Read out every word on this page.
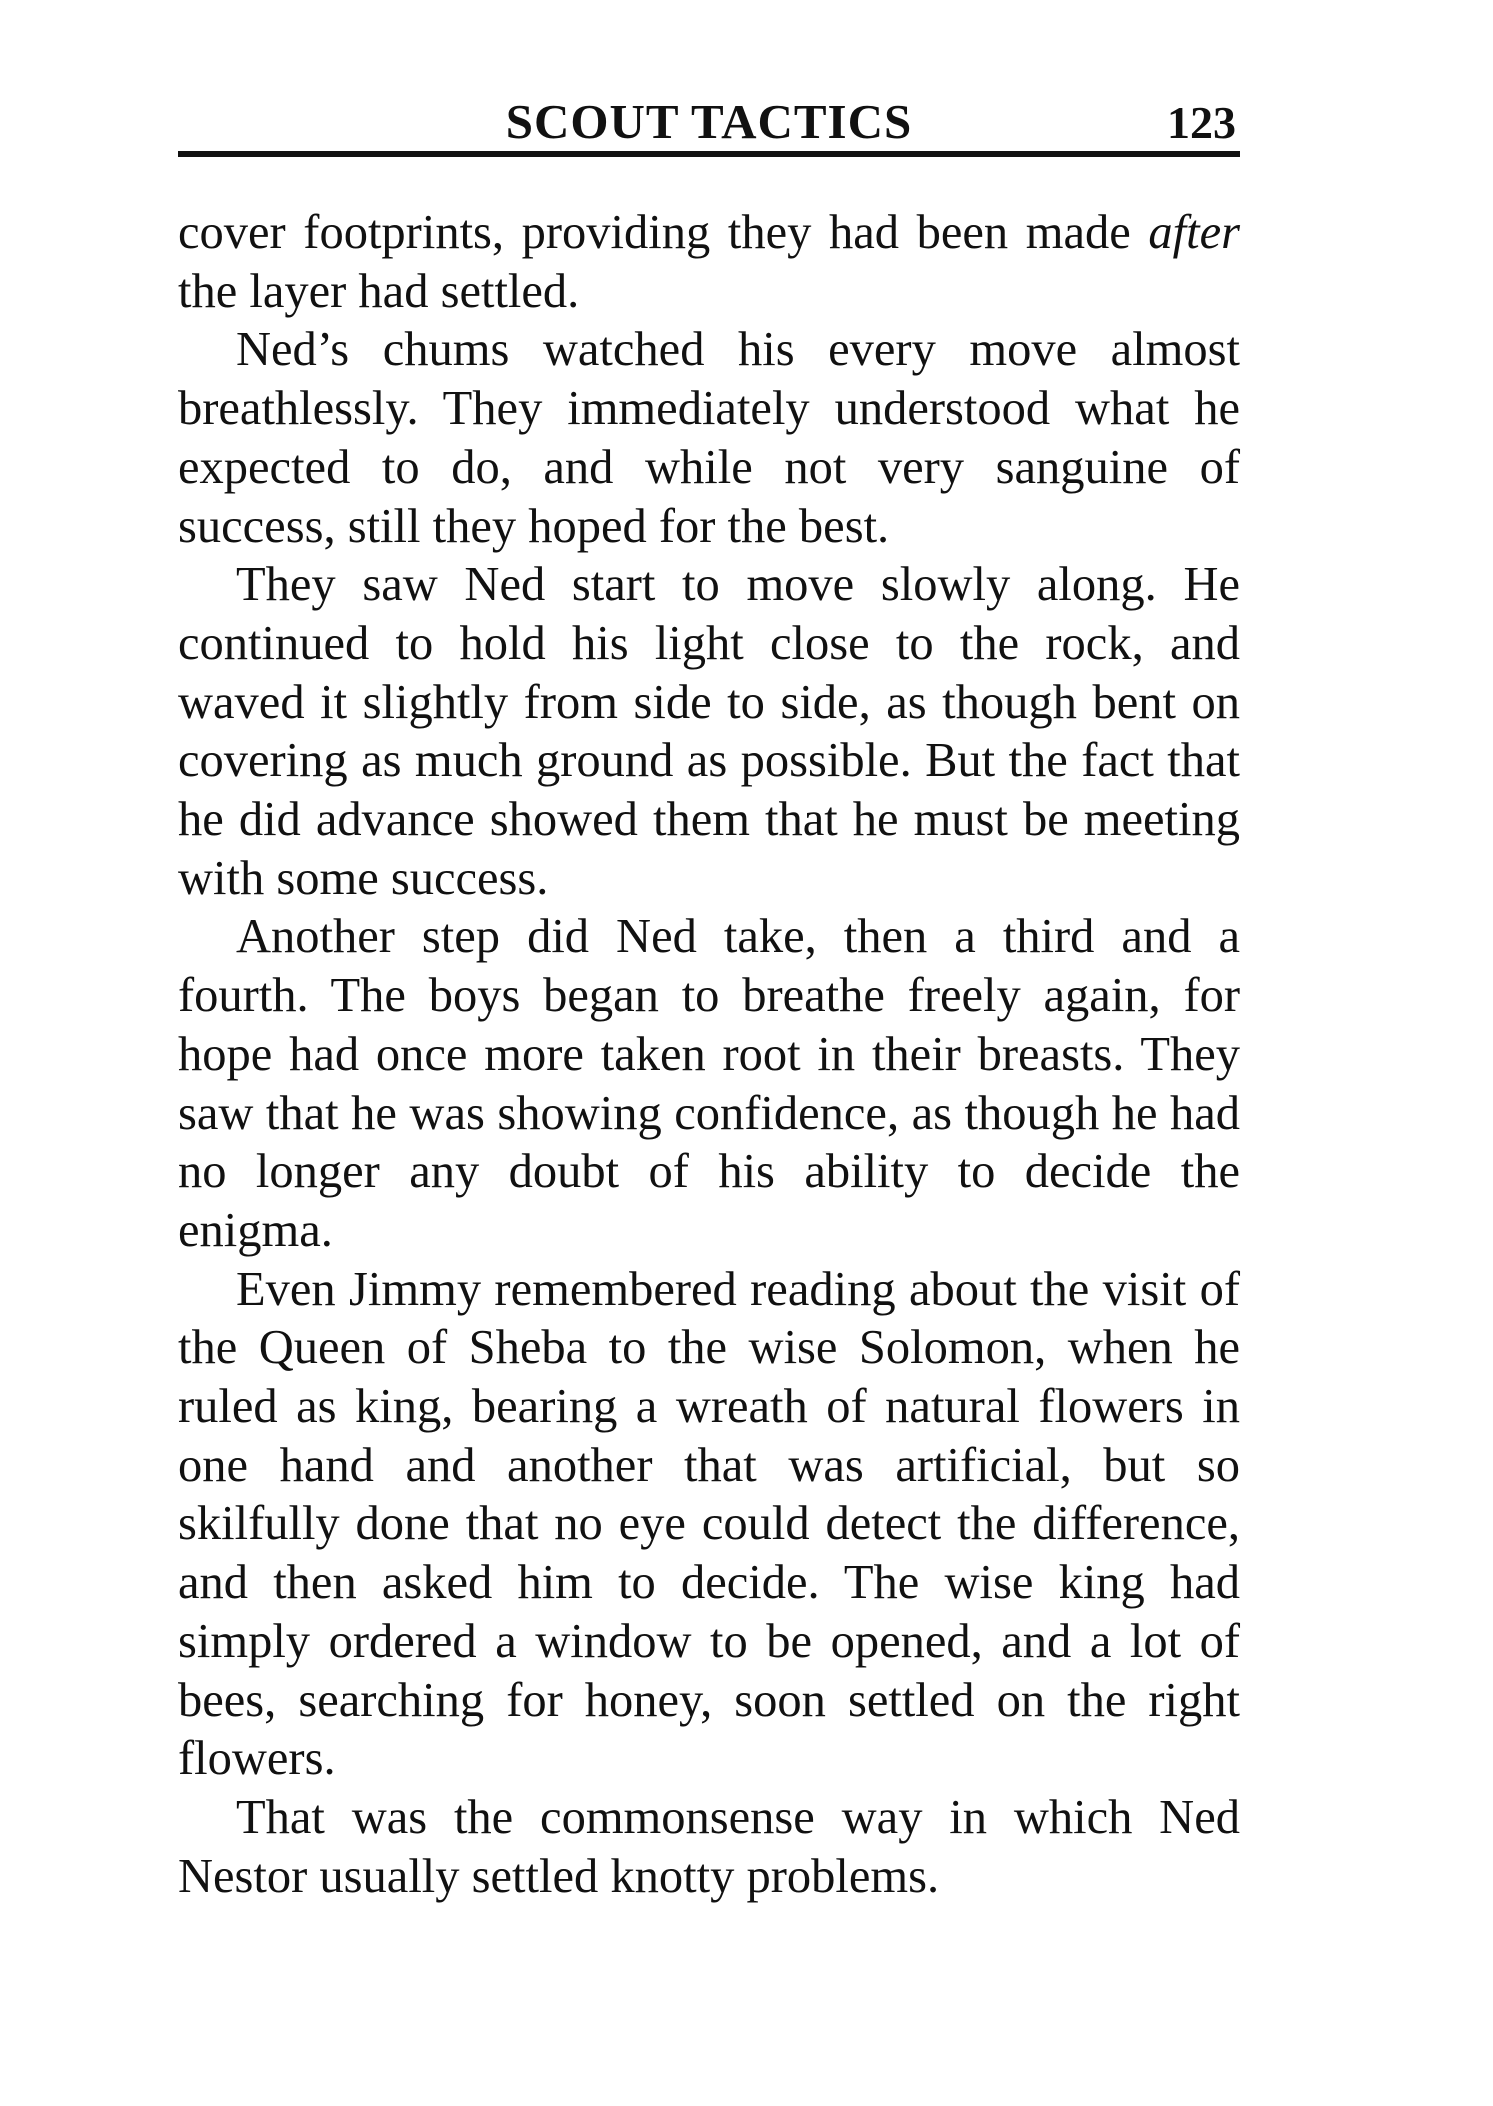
SCOUT TACTICS	123

cover footprints, providing they had been made after the layer had settled.

Ned’s chums watched his every move almost breathlessly. They immediately understood what he expected to do, and while not very sanguine of success, still they hoped for the best.

They saw Ned start to move slowly along. He continued to hold his light close to the rock, and waved it slightly from side to side, as though bent on covering as much ground as possible. But the fact that he did advance showed them that he must be meeting with some success.

Another step did Ned take, then a third and a fourth. The boys began to breathe freely again, for hope had once more taken root in their breasts. They saw that he was showing confidence, as though he had no longer any doubt of his ability to decide the enigma.

Even Jimmy remembered reading about the visit of the Queen of Sheba to the wise Solomon, when he ruled as king, bearing a wreath of natural flowers in one hand and another that was artificial, but so skilfully done that no eye could detect the difference, and then asked him to decide. The wise king had simply ordered a window to be opened, and a lot of bees, searching for honey, soon settled on the right flowers.

That was the commonsense way in which Ned Nestor usually settled knotty problems.
